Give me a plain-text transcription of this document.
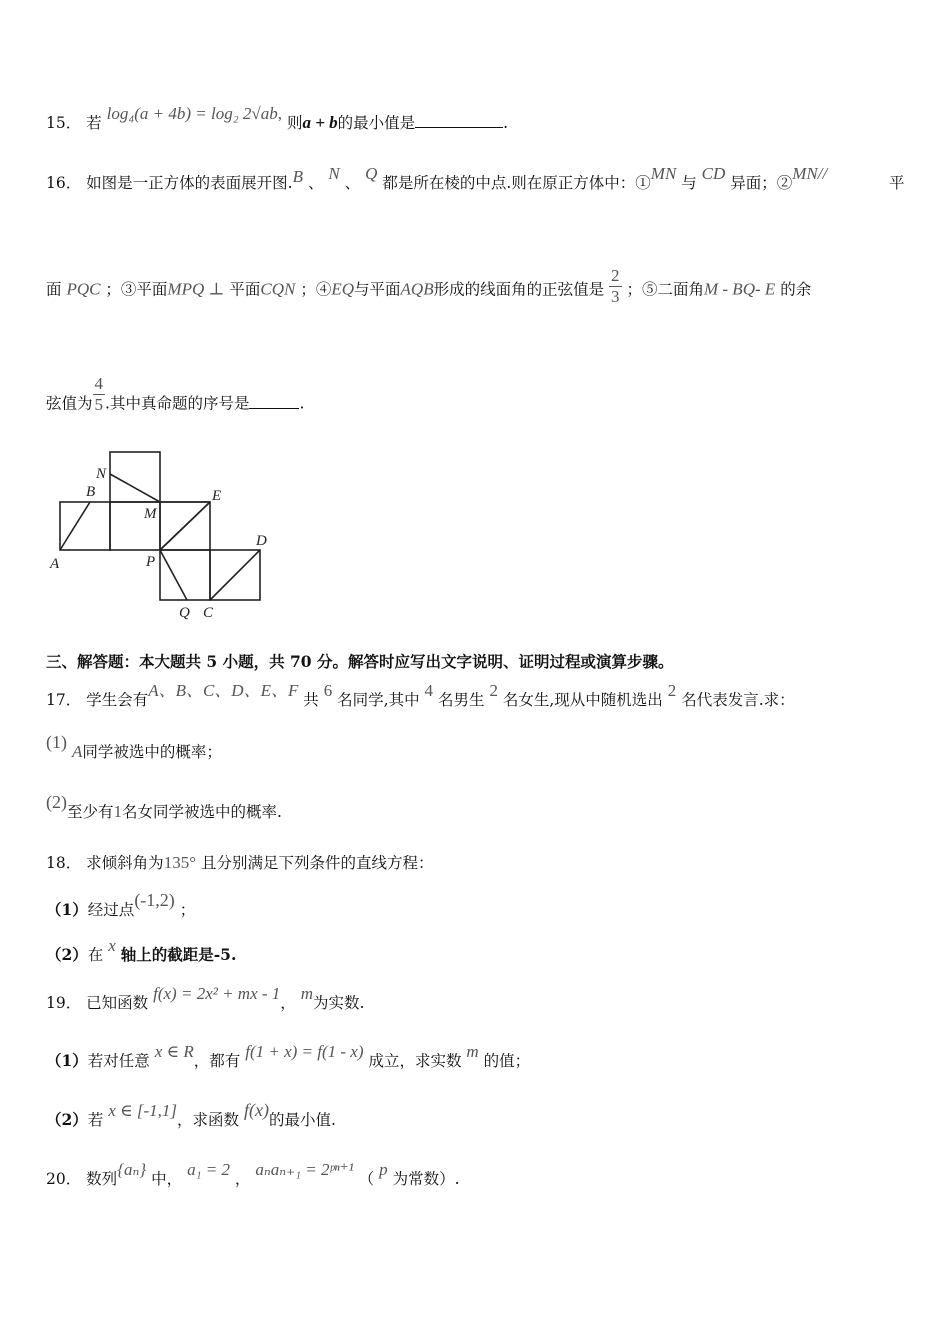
15． 若 log₄(a + 4b) = log₂ 2√ab, 则a + b的最小值是	.
16． 如图是一正方体的表面展开图.B 、 N 、 Q 都是所在棱的中点.则在原正方体中：①MN 与 CD 异面；②MN//	平
面 PQC ；③平面MPQ ⊥ 平面CQN ；④EQ与平面AQB形成的线面角的正弦值是 $\frac{2}{3}$ ；⑤二面角M - BQ- E 的余
弦值为 $\frac{4}{5}$ .其中真命题的序号是	.
N
B
M
E
A	P
D
Q C
三、解答题：本大题共 5 小题，共 70 分。解答时应写出文字说明、证明过程或演算步骤。
17． 学生会有A、B、C、D、E、F 共 6 名同学,其中 4 名男生 2 名女生,现从中随机选出 2 名代表发言.求：
(1) A同学被选中的概率；
(2)至少有1名女同学被选中的概率.
18． 求倾斜角为135° 且分别满足下列条件的直线方程：
（1）经过点(-1,2) ；
（2）在 x 轴上的截距是-5.
19． 已知函数 f(x) = 2x² + mx - 1， m为实数.
（1）若对任意 x ∈ R，都有 f(1 + x) = f(1 - x) 成立，求实数 m 的值；
（2）若 x ∈ [-1,1]，求函数 f(x)的最小值.
20． 数列{aₙ} 中， a₁ = 2 ， aₙaₙ₊₁ = 2ᵖⁿ⁺¹ （ p 为常数）.
